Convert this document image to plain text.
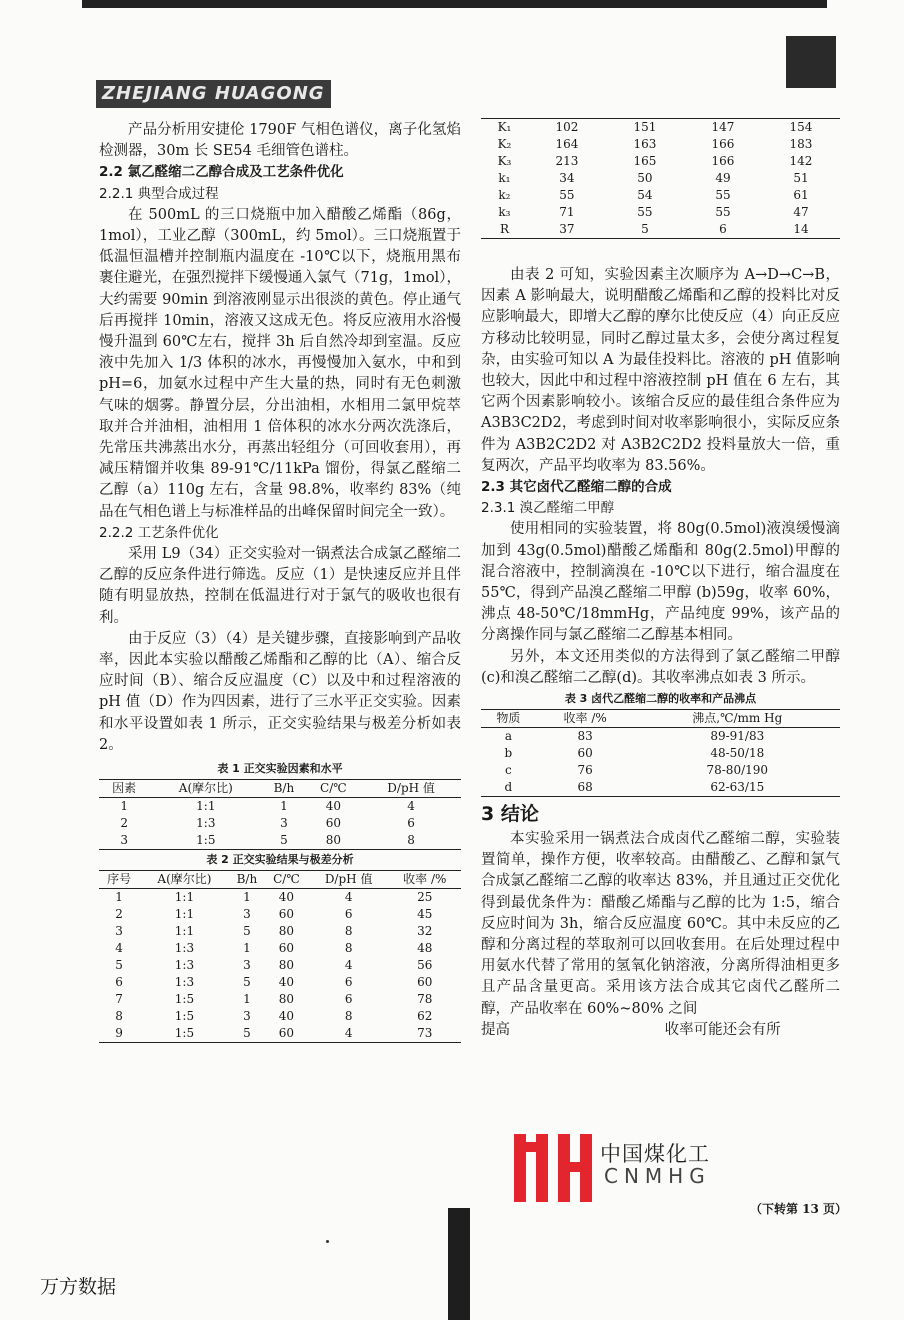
ZHEJIANG HUAGONG

产品分析用安捷伦 1790F 气相色谱仪，离子化氢焰检测器，30m 长 SE54 毛细管色谱柱。

2.2 氯乙醛缩二乙醇合成及工艺条件优化

2.2.1 典型合成过程

在 500mL 的三口烧瓶中加入醋酸乙烯酯（86g，1mol），工业乙醇（300mL，约 5mol）。三口烧瓶置于低温恒温槽并控制瓶内温度在 -10℃以下，烧瓶用黑布裹住避光，在强烈搅拌下缓慢通入氯气（71g，1mol），大约需要 90min 到溶液刚显示出很淡的黄色。停止通气后再搅拌 10min，溶液又这成无色。将反应液用水浴慢慢升温到 60℃左右，搅拌 3h 后自然冷却到室温。反应液中先加入 1/3 体积的冰水，再慢慢加入氨水，中和到 pH=6，加氨水过程中产生大量的热，同时有无色刺激气味的烟雾。静置分层，分出油相，水相用二氯甲烷萃取并合并油相，油相用 1 倍体积的冰水分两次洗涤后，先常压共沸蒸出水分，再蒸出轻组分（可回收套用），再减压精馏并收集 89-91℃/11kPa 馏份，得氯乙醛缩二乙醇（a）110g 左右，含量 98.8%，收率约 83%（纯品在气相色谱上与标准样品的出峰保留时间完全一致）。

2.2.2 工艺条件优化

采用 L9（34）正交实验对一锅煮法合成氯乙醛缩二乙醇的反应条件进行筛选。反应（1）是快速反应并且伴随有明显放热，控制在低温进行对于氯气的吸收也很有利。

由于反应（3）（4）是关键步骤，直接影响到产品收率，因此本实验以醋酸乙烯酯和乙醇的比（A）、缩合反应时间（B）、缩合反应温度（C）以及中和过程溶液的 pH 值（D）作为四因素，进行了三水平正交实验。因素和水平设置如表 1 所示，正交实验结果与极差分析如表 2。

表 1 正交实验因素和水平
因素	A(摩尔比)	B/h	C/℃	D/pH 值
1	1:1	1	40	4
2	1:3	3	60	6
3	1:5	5	80	8
表 2 正交实验结果与极差分析
序号	A(摩尔比)	B/h	C/℃	D/pH 值	收率 /%
1	1:1	1	40	4	25
2	1:1	3	60	6	45
3	1:1	5	80	8	32
4	1:3	1	60	8	48
5	1:3	3	80	4	56
6	1:3	5	40	6	60
7	1:5	1	80	6	78
8	1:5	3	40	8	62
9	1:5	5	60	4	73
K₁	102	151	147	154
K₂	164	163	166	183
K₃	213	165	166	142
k₁	34	50	49	51
k₂	55	54	55	61
k₃	71	55	55	47
R	37	5	6	14

由表 2 可知，实验因素主次顺序为 A→D→C→B，因素 A 影响最大，说明醋酸乙烯酯和乙醇的投料比对反应影响最大，即增大乙醇的摩尔比使反应（4）向正反应方移动比较明显，同时乙醇过量太多，会使分离过程复杂，由实验可知以 A 为最佳投料比。溶液的 pH 值影响也较大，因此中和过程中溶液控制 pH 值在 6 左右，其它两个因素影响较小。该缩合反应的最佳组合条件应为 A3B3C2D2，考虑到时间对收率影响很小，实际反应条件为 A3B2C2D2 对 A3B2C2D2 投料量放大一倍，重复两次，产品平均收率为 83.56%。

2.3 其它卤代乙醛缩二醇的合成

2.3.1 溴乙醛缩二甲醇

使用相同的实验装置，将 80g(0.5mol)液溴缓慢滴加到 43g(0.5mol)醋酸乙烯酯和 80g(2.5mol)甲醇的混合溶液中，控制滴溴在 -10℃以下进行，缩合温度在 55℃，得到产品溴乙醛缩二甲醇 (b)59g，收率 60%，沸点 48-50℃/18mmHg，产品纯度 99%，该产品的分离操作同与氯乙醛缩二乙醇基本相同。

另外，本文还用类似的方法得到了氯乙醛缩二甲醇(c)和溴乙醛缩二乙醇(d)。其收率沸点如表 3 所示。

表 3 卤代乙醛缩二醇的收率和产品沸点
物质	收率 /%	沸点,℃/mm Hg
a	83	89-91/83
b	60	48-50/18
c	76	78-80/190
d	68	62-63/15
3 结论

本实验采用一锅煮法合成卤代乙醛缩二醇，实验装置简单，操作方便，收率较高。由醋酸乙、乙醇和氯气合成氯乙醛缩二乙醇的收率达 83%，并且通过正交优化得到最优条件为：醋酸乙烯酯与乙醇的比为 1:5，缩合反应时间为 3h，缩合反应温度 60℃。其中未反应的乙醇和分离过程的萃取剂可以回收套用。在后处理过程中用氨水代替了常用的氢氧化钠溶液，分离所得油相更多且产品含量更高。采用该方法合成其它卤代乙醛所二醇，产品收率在 60%~80% 之间

提高	收率可能还会有所

中国煤化工
CNMHG
（下转第 13 页）
万方数据
